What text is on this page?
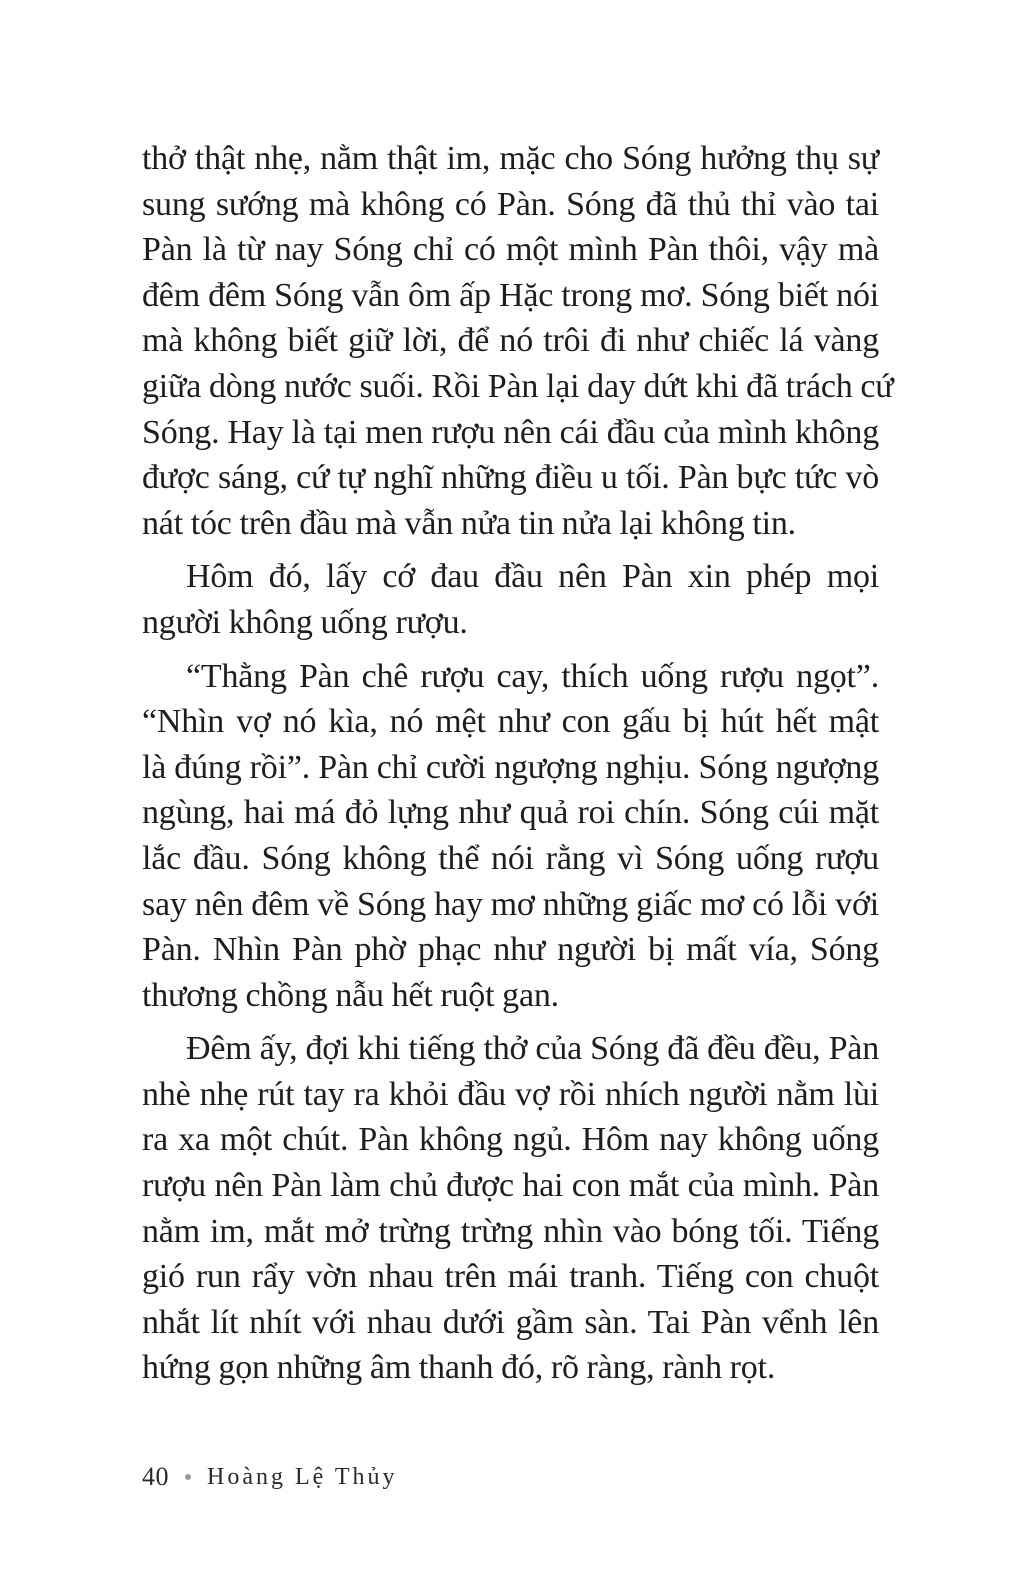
thở thật nhẹ, nằm thật im, mặc cho Sóng hưởng thụ sự
sung sướng mà không có Pàn. Sóng đã thủ thỉ vào tai
Pàn là từ nay Sóng chỉ có một mình Pàn thôi, vậy mà
đêm đêm Sóng vẫn ôm ấp Hặc trong mơ. Sóng biết nói
mà không biết giữ lời, để nó trôi đi như chiếc lá vàng
giữa dòng nước suối. Rồi Pàn lại day dứt khi đã trách cứ
Sóng. Hay là tại men rượu nên cái đầu của mình không
được sáng, cứ tự nghĩ những điều u tối. Pàn bực tức vò
nát tóc trên đầu mà vẫn nửa tin nửa lại không tin.

Hôm đó, lấy cớ đau đầu nên Pàn xin phép mọi
người không uống rượu.

“Thằng Pàn chê rượu cay, thích uống rượu ngọt”.
“Nhìn vợ nó kìa, nó mệt như con gấu bị hút hết mật
là đúng rồi”. Pàn chỉ cười ngượng nghịu. Sóng ngượng
ngùng, hai má đỏ lựng như quả roi chín. Sóng cúi mặt
lắc đầu. Sóng không thể nói rằng vì Sóng uống rượu
say nên đêm về Sóng hay mơ những giấc mơ có lỗi với
Pàn. Nhìn Pàn phờ phạc như người bị mất vía, Sóng
thương chồng nẫu hết ruột gan.

Đêm ấy, đợi khi tiếng thở của Sóng đã đều đều, Pàn
nhè nhẹ rút tay ra khỏi đầu vợ rồi nhích người nằm lùi
ra xa một chút. Pàn không ngủ. Hôm nay không uống
rượu nên Pàn làm chủ được hai con mắt của mình. Pàn
nằm im, mắt mở trừng trừng nhìn vào bóng tối. Tiếng
gió run rẩy vờn nhau trên mái tranh. Tiếng con chuột
nhắt lít nhít với nhau dưới gầm sàn. Tai Pàn vểnh lên
hứng gọn những âm thanh đó, rõ ràng, rành rọt.

40 Hoàng Lệ Thủy
